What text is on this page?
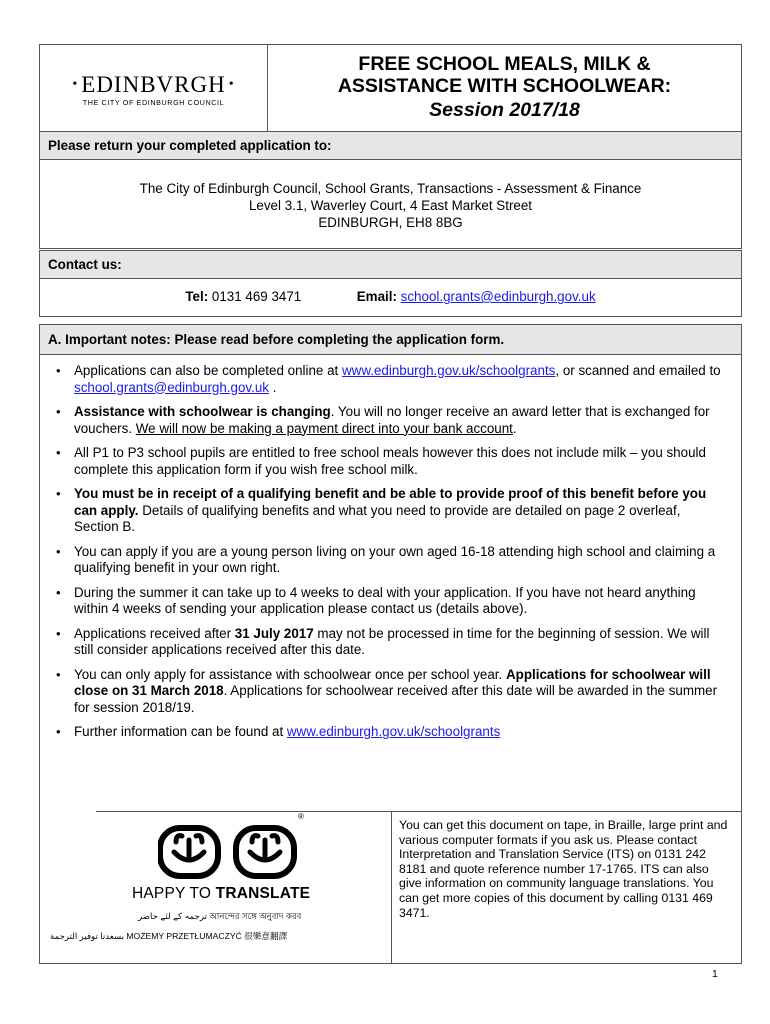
• EDINBVRGH •
THE CITY OF EDINBURGH COUNCIL
FREE SCHOOL MEALS, MILK &
ASSISTANCE WITH SCHOOLWEAR:
Session 2017/18
Please return your completed application to:
The City of Edinburgh Council, School Grants, Transactions - Assessment & Finance
Level 3.1, Waverley Court, 4 East Market Street
EDINBURGH, EH8 8BG
Contact us:
Tel: 0131 469 3471	Email: school.grants@edinburgh.gov.uk
A. Important notes: Please read before completing the application form.
• Applications can also be completed online at www.edinburgh.gov.uk/schoolgrants, or scanned and emailed to school.grants@edinburgh.gov.uk .
• Assistance with schoolwear is changing. You will no longer receive an award letter that is exchanged for vouchers. We will now be making a payment direct into your bank account.
• All P1 to P3 school pupils are entitled to free school meals however this does not include milk – you should complete this application form if you wish free school milk.
• You must be in receipt of a qualifying benefit and be able to provide proof of this benefit before you can apply. Details of qualifying benefits and what you need to provide are detailed on page 2 overleaf, Section B.
• You can apply if you are a young person living on your own aged 16-18 attending high school and claiming a qualifying benefit in your own right.
• During the summer it can take up to 4 weeks to deal with your application. If you have not heard anything within 4 weeks of sending your application please contact us (details above).
• Applications received after 31 July 2017 may not be processed in time for the beginning of session. We will still consider applications received after this date.
• You can only apply for assistance with schoolwear once per school year. Applications for schoolwear will close on 31 March 2018. Applications for schoolwear received after this date will be awarded in the summer for session 2018/19.
• Further information can be found at www.edinburgh.gov.uk/schoolgrants
®
HAPPY TO TRANSLATE
ترجمہ کے لئے حاضر আনন্দের সঙ্গে অনুবাদ করব
بسعدنا توفير الترجمة MOŻEMY PRZETŁUMACZYĆ 很樂意翻譯
You can get this document on tape, in Braille, large print and various computer formats if you ask us. Please contact Interpretation and Translation Service (ITS) on 0131 242 8181 and quote reference number 17-1765. ITS can also give information on community language translations. You can get more copies of this document by calling 0131 469 3471.
1
